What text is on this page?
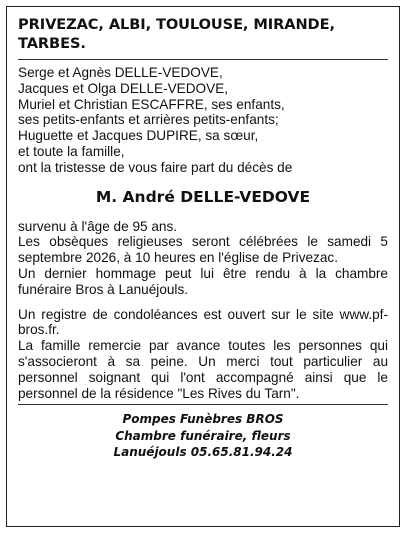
PRIVEZAC, ALBI, TOULOUSE, MIRANDE,
TARBES.
Serge et Agnès DELLE-VEDOVE,
Jacques et Olga DELLE-VEDOVE,
Muriel et Christian ESCAFFRE, ses enfants,
ses petits-enfants et arrières petits-enfants;
Huguette et Jacques DUPIRE, sa sœur,
et toute la famille,
ont la tristesse de vous faire part du décès de
M. André DELLE-VEDOVE

survenu à l'âge de 95 ans.

Les obsèques religieuses seront célébrées le samedi 5 septembre 2026, à 10 heures en l'église de Privezac.

Un dernier hommage peut lui être rendu à la chambre funéraire Bros à Lanuéjouls.

Un registre de condoléances est ouvert sur le site www.pf-bros.fr.

La famille remercie par avance toutes les personnes qui s'associeront à sa peine. Un merci tout particulier au personnel soignant qui l'ont accompagné ainsi que le personnel de la résidence "Les Rives du Tarn".

Pompes Funèbres BROS
Chambre funéraire, fleurs
Lanuéjouls 05.65.81.94.24
